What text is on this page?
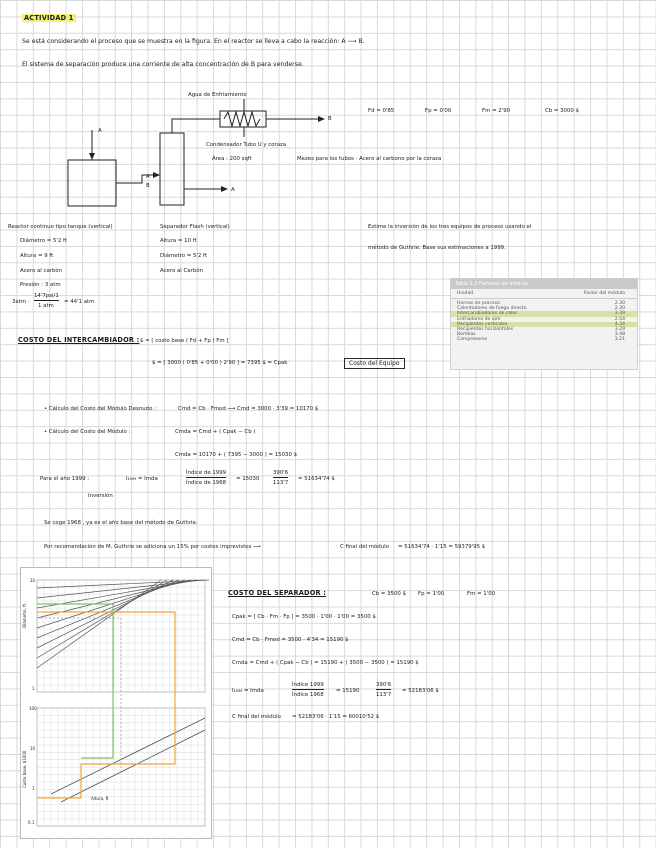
ACTIVIDAD 1
Se está considerando el proceso que se muestra en la figura. En el reactor se lleva a cabo la reacción: A ⟶ B.
El sistema de separación produce una corriente de alta concentración de B para venderse.
Agua de Enfriamiento
A
A
B
B
A
Condensador Tubo U y coraza
Área : 200 sqft	Mezes para los tubos · Acero al carbono por la coraza
Fd = 0'85	Fp = 0'00	Fm = 2'90	Cb = 3000 $
Reactor continuo tipo tanque (vertical)
Diámetro = 5'2 ft
Altura = 9 ft
Acero al carbón
Presión : 3 atm
3atm ·
14'7psi/1
1 atm
= 44'1 atm
Separador Flash (vertical)
Altura = 10 ft
Diámetro = 5'2 ft
Acero al Carbón
Estime la inversión de los tres equipos de proceso usando el
método de Guthrie. Base sus estimaciones a 1999.
Tabla 2.3 Factores de módulo
Unidad	Factor del módulo
Hornos de proceso	2.30
Calentadores de fuego directo	2.30
Intercambiadores de calor	3.39
Enfriadores de aire	2.54
Recipientes verticales	4.34
Recipientes horizontales	3.29
Bombas	3.48
Compresores	3.21
COSTO DEL INTERCAMBIADOR : $ = [ costo base ( Fd + Fp ) Fm ]
$ = [ 3000 ( 0'85 + 0'00 ) 2'90 ] = 7395 $ = Cpak	Costo del Equipo
• Cálculo del Costo del Módulo Desnudo :	Cmd = Cb · Fmod ⟶ Cmd = 3000 · 3'39 = 10170 $
• Cálculo del Costo del Módulo :	Cmda = Cmd + ( Cpak − Cb )
Cmda = 10170 + ( 7395 − 3000 ) = 15030 $
Para el año 1999 :	I₁₉₉₉ = Imda
Índice de 1999
Índice de 1968
= 15030
390'6
113'7
= 51634'74 $
Inversión
Se coge 1968 , ya es el año base del método de Guthrie.
Por recomendación de M. Guthrie se adiciona un 15% por costos imprevistos ⟶	C final del módulo = 51634'74 · 1'15 = 59379'95 $
COSTO DEL SEPARADOR :	Cb = 3500 $ Fp = 1'00	Fm = 1'00
Cpak = [ Cb · Fm · Fp ] = 3500 · 1'00 · 1'00 = 3500 $
Cmd = Cb · Fmod = 3500 · 4'34 = 15190 $
Cmda = Cmd + ( Cpak − Cb ) = 15190 + ( 3500 − 3500 ) = 15190 $
I₁₉₉₉ = Imda
Índice 1999
Índice 1968
= 15190
390'6
113'7
= 52183'06 $
C final del módulo = 52183'06 · 1'15 = 60010'52 $
Diámetro, ft
Costo base, $1000
Altura, ft
10
1
100
10
1
0.1
